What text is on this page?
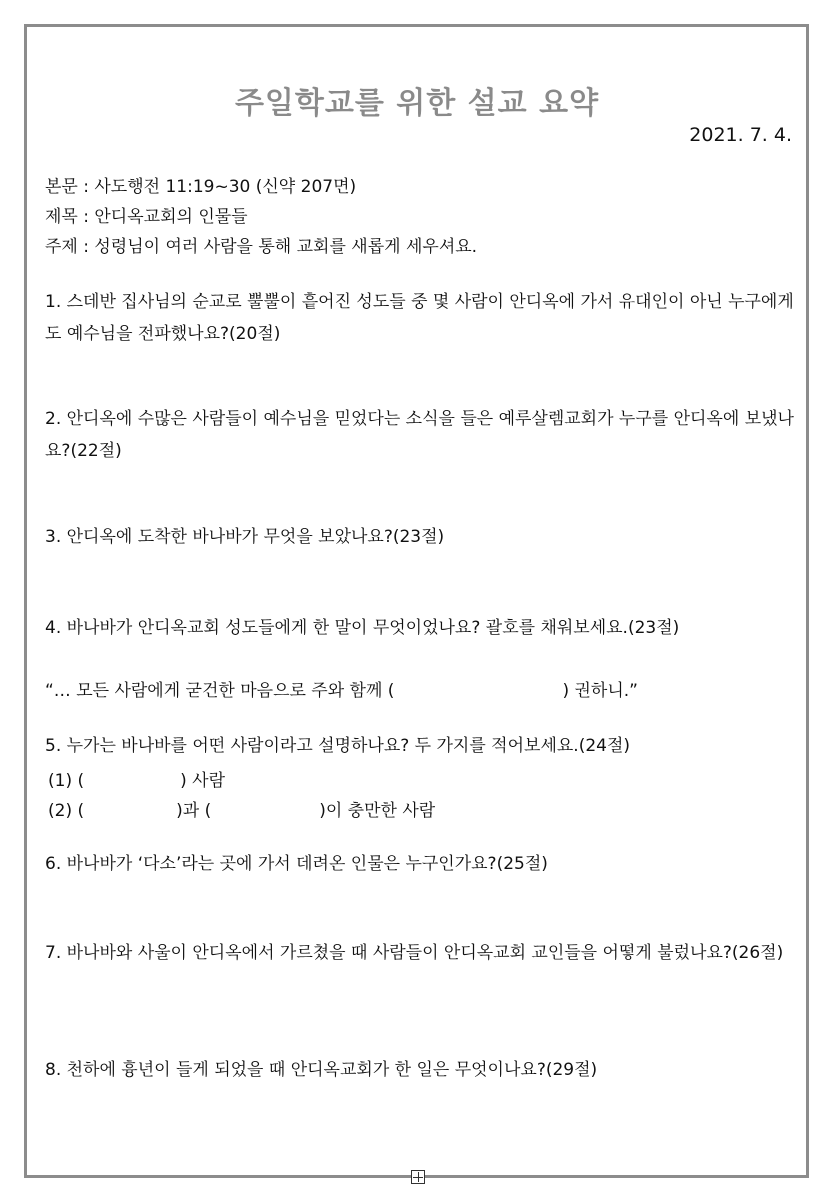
주일학교를 위한 설교 요약
2021. 7. 4.
본문 : 사도행전 11:19~30 (신약 207면)
제목 : 안디옥교회의 인물들
주제 : 성령님이 여러 사람을 통해 교회를 새롭게 세우셔요.
1. 스데반 집사님의 순교로 뿔뿔이 흩어진 성도들 중 몇 사람이 안디옥에 가서 유대인이 아닌 누구에게도 예수님을 전파했나요?(20절)
2. 안디옥에 수많은 사람들이 예수님을 믿었다는 소식을 들은 예루살렘교회가 누구를 안디옥에 보냈나요?(22절)
3. 안디옥에 도착한 바나바가 무엇을 보았나요?(23절)
4. 바나바가 안디옥교회 성도들에게 한 말이 무엇이었나요? 괄호를 채워보세요.(23절)
“… 모든 사람에게 굳건한 마음으로 주와 함께 (	) 권하니.”
5. 누가는 바나바를 어떤 사람이라고 설명하나요? 두 가지를 적어보세요.(24절)
(1) (	) 사람
(2) (	)과 (	)이 충만한 사람
6. 바나바가 ‘다소’라는 곳에 가서 데려온 인물은 누구인가요?(25절)
7. 바나바와 사울이 안디옥에서 가르쳤을 때 사람들이 안디옥교회 교인들을 어떻게 불렀나요?(26절)
8. 천하에 흉년이 들게 되었을 때 안디옥교회가 한 일은 무엇이나요?(29절)
